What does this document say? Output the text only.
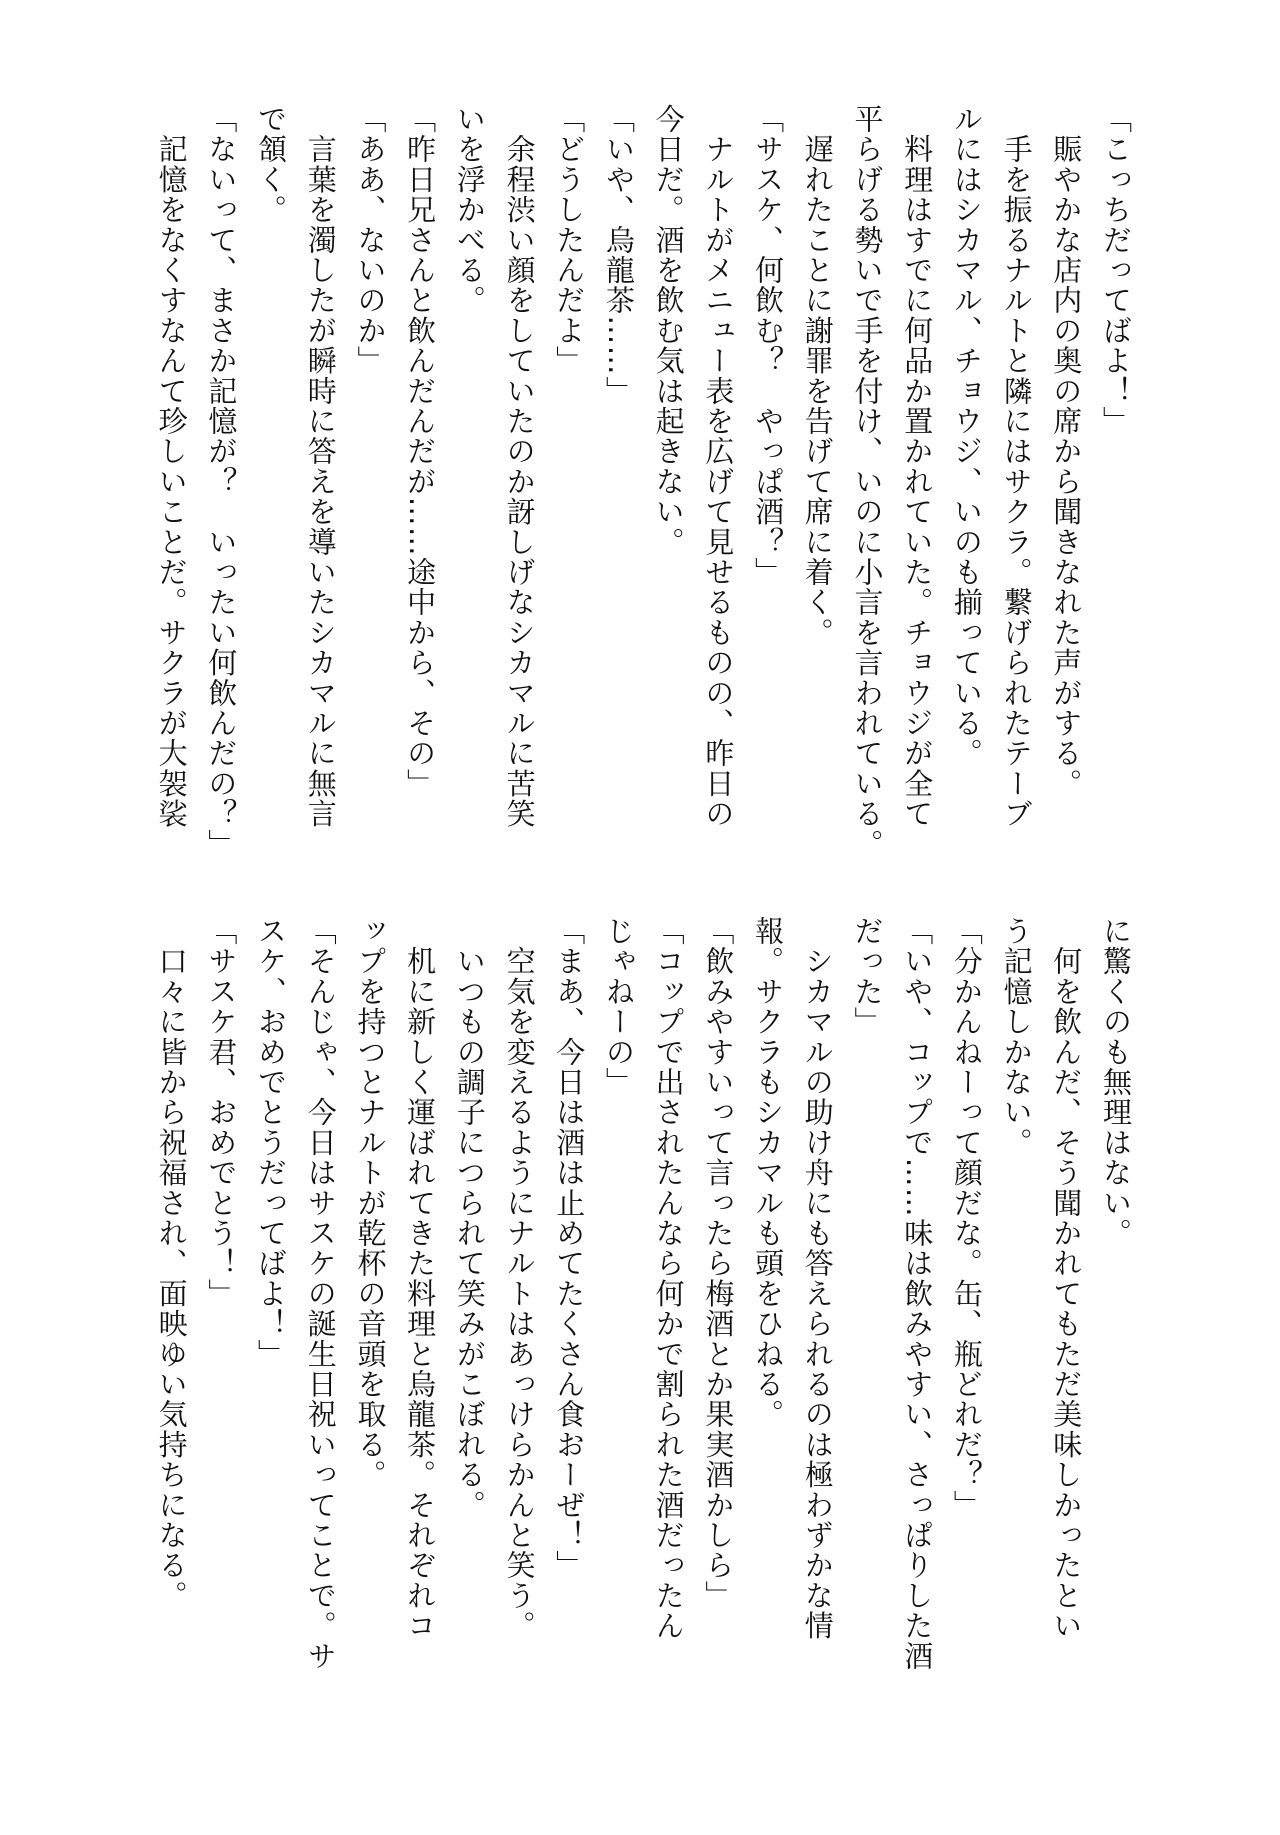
「こっちだってばよ！」
　賑やかな店内の奥の席から聞きなれた声がする。
　手を振るナルトと隣にはサクラ。繋げられたテーブ
ルにはシカマル、チョウジ、いのも揃っている。
　料理はすでに何品か置かれていた。チョウジが全て
平らげる勢いで手を付け、いのに小言を言われている。
　遅れたことに謝罪を告げて席に着く。
「サスケ、何飲む？　やっぱ酒？」
　ナルトがメニュー表を広げて見せるものの、昨日の
今日だ。酒を飲む気は起きない。
「いや、烏龍茶……」
「どうしたんだよ」
　余程渋い顔をしていたのか訝しげなシカマルに苦笑
いを浮かべる。
「昨日兄さんと飲んだんだが……途中から、その」
「ああ、ないのか」
　言葉を濁したが瞬時に答えを導いたシカマルに無言
で頷く。
「ないって、まさか記憶が？　いったい何飲んだの？」
　記憶をなくすなんて珍しいことだ。サクラが大袈裟
に驚くのも無理はない。
　何を飲んだ、そう聞かれてもただ美味しかったとい
う記憶しかない。
「分かんねーって顔だな。缶、瓶どれだ？」
「いや、コップで……味は飲みやすい、さっぱりした酒
だった」
　シカマルの助け舟にも答えられるのは極わずかな情
報。サクラもシカマルも頭をひねる。
「飲みやすいって言ったら梅酒とか果実酒かしら」
「コップで出されたんなら何かで割られた酒だったん
じゃねーの」
「まあ、今日は酒は止めてたくさん食おーぜ！」
　空気を変えるようにナルトはあっけらかんと笑う。
　いつもの調子につられて笑みがこぼれる。
　机に新しく運ばれてきた料理と烏龍茶。それぞれコ
ップを持つとナルトが乾杯の音頭を取る。
「そんじゃ、今日はサスケの誕生日祝いってことで。サ
スケ、おめでとうだってばよ！」
「サスケ君、おめでとう！」
　口々に皆から祝福され、面映ゆい気持ちになる。
